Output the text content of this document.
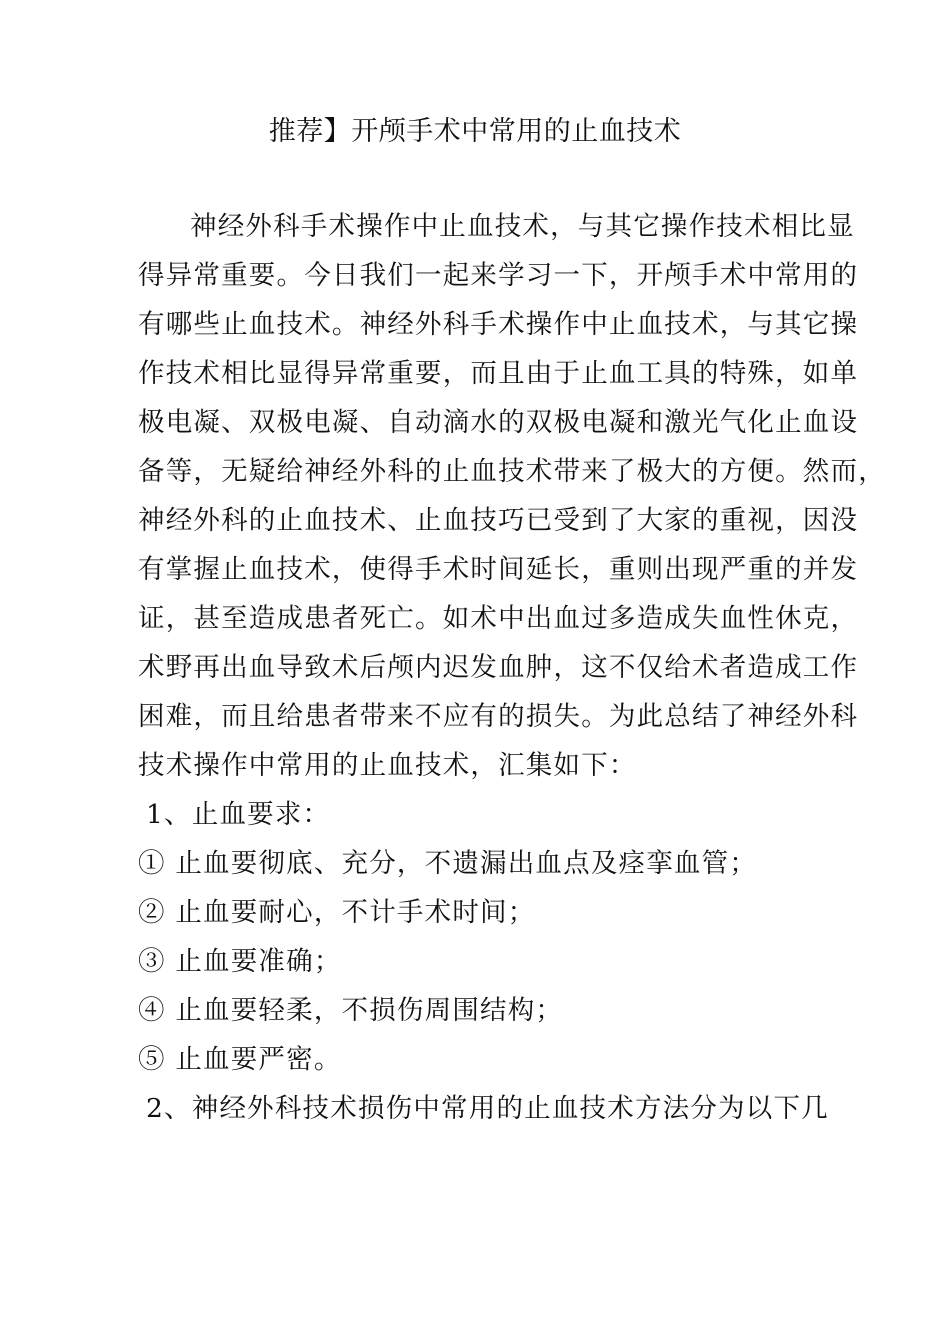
推荐】开颅手术中常用的止血技术
神经外科手术操作中止血技术，与其它操作技术相比显
得异常重要。今日我们一起来学习一下，开颅手术中常用的
有哪些止血技术。神经外科手术操作中止血技术，与其它操
作技术相比显得异常重要，而且由于止血工具的特殊，如单
极电凝、双极电凝、自动滴水的双极电凝和激光气化止血设
备等，无疑给神经外科的止血技术带来了极大的方便。然而，
神经外科的止血技术、止血技巧已受到了大家的重视，因没
有掌握止血技术，使得手术时间延长，重则出现严重的并发
证，甚至造成患者死亡。如术中出血过多造成失血性休克，
术野再出血导致术后颅内迟发血肿，这不仅给术者造成工作
困难，而且给患者带来不应有的损失。为此总结了神经外科
技术操作中常用的止血技术，汇集如下：
1、止血要求：
① 止血要彻底、充分，不遗漏出血点及痉挛血管；
② 止血要耐心，不计手术时间；
③ 止血要准确；
④ 止血要轻柔，不损伤周围结构；
⑤ 止血要严密。
2、神经外科技术损伤中常用的止血技术方法分为以下几
